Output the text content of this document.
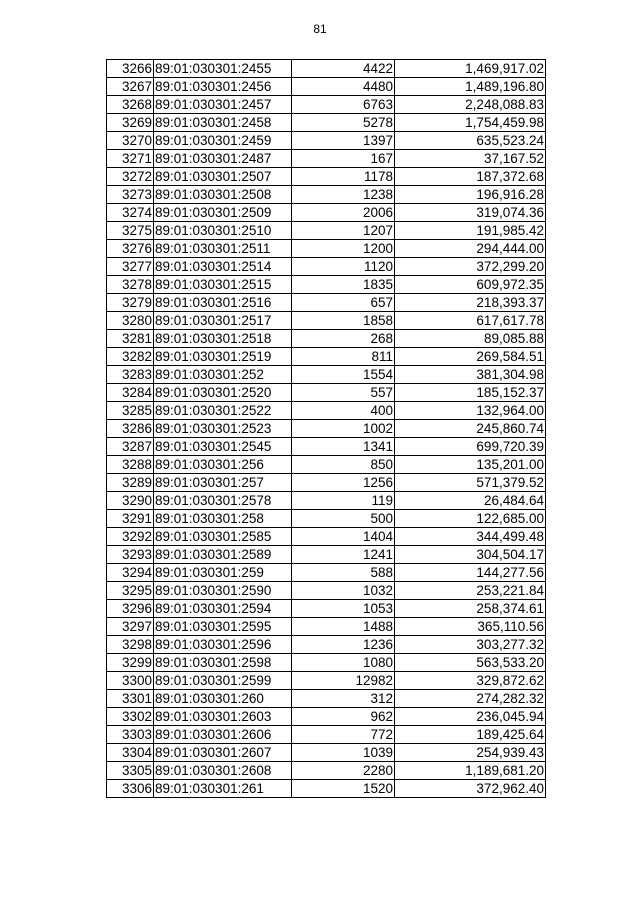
81
3266	89:01:030301:2455	4422	1,469,917.02
3267	89:01:030301:2456	4480	1,489,196.80
3268	89:01:030301:2457	6763	2,248,088.83
3269	89:01:030301:2458	5278	1,754,459.98
3270	89:01:030301:2459	1397	635,523.24
3271	89:01:030301:2487	167	37,167.52
3272	89:01:030301:2507	1178	187,372.68
3273	89:01:030301:2508	1238	196,916.28
3274	89:01:030301:2509	2006	319,074.36
3275	89:01:030301:2510	1207	191,985.42
3276	89:01:030301:2511	1200	294,444.00
3277	89:01:030301:2514	1120	372,299.20
3278	89:01:030301:2515	1835	609,972.35
3279	89:01:030301:2516	657	218,393.37
3280	89:01:030301:2517	1858	617,617.78
3281	89:01:030301:2518	268	89,085.88
3282	89:01:030301:2519	811	269,584.51
3283	89:01:030301:252	1554	381,304.98
3284	89:01:030301:2520	557	185,152.37
3285	89:01:030301:2522	400	132,964.00
3286	89:01:030301:2523	1002	245,860.74
3287	89:01:030301:2545	1341	699,720.39
3288	89:01:030301:256	850	135,201.00
3289	89:01:030301:257	1256	571,379.52
3290	89:01:030301:2578	119	26,484.64
3291	89:01:030301:258	500	122,685.00
3292	89:01:030301:2585	1404	344,499.48
3293	89:01:030301:2589	1241	304,504.17
3294	89:01:030301:259	588	144,277.56
3295	89:01:030301:2590	1032	253,221.84
3296	89:01:030301:2594	1053	258,374.61
3297	89:01:030301:2595	1488	365,110.56
3298	89:01:030301:2596	1236	303,277.32
3299	89:01:030301:2598	1080	563,533.20
3300	89:01:030301:2599	12982	329,872.62
3301	89:01:030301:260	312	274,282.32
3302	89:01:030301:2603	962	236,045.94
3303	89:01:030301:2606	772	189,425.64
3304	89:01:030301:2607	1039	254,939.43
3305	89:01:030301:2608	2280	1,189,681.20
3306	89:01:030301:261	1520	372,962.40
